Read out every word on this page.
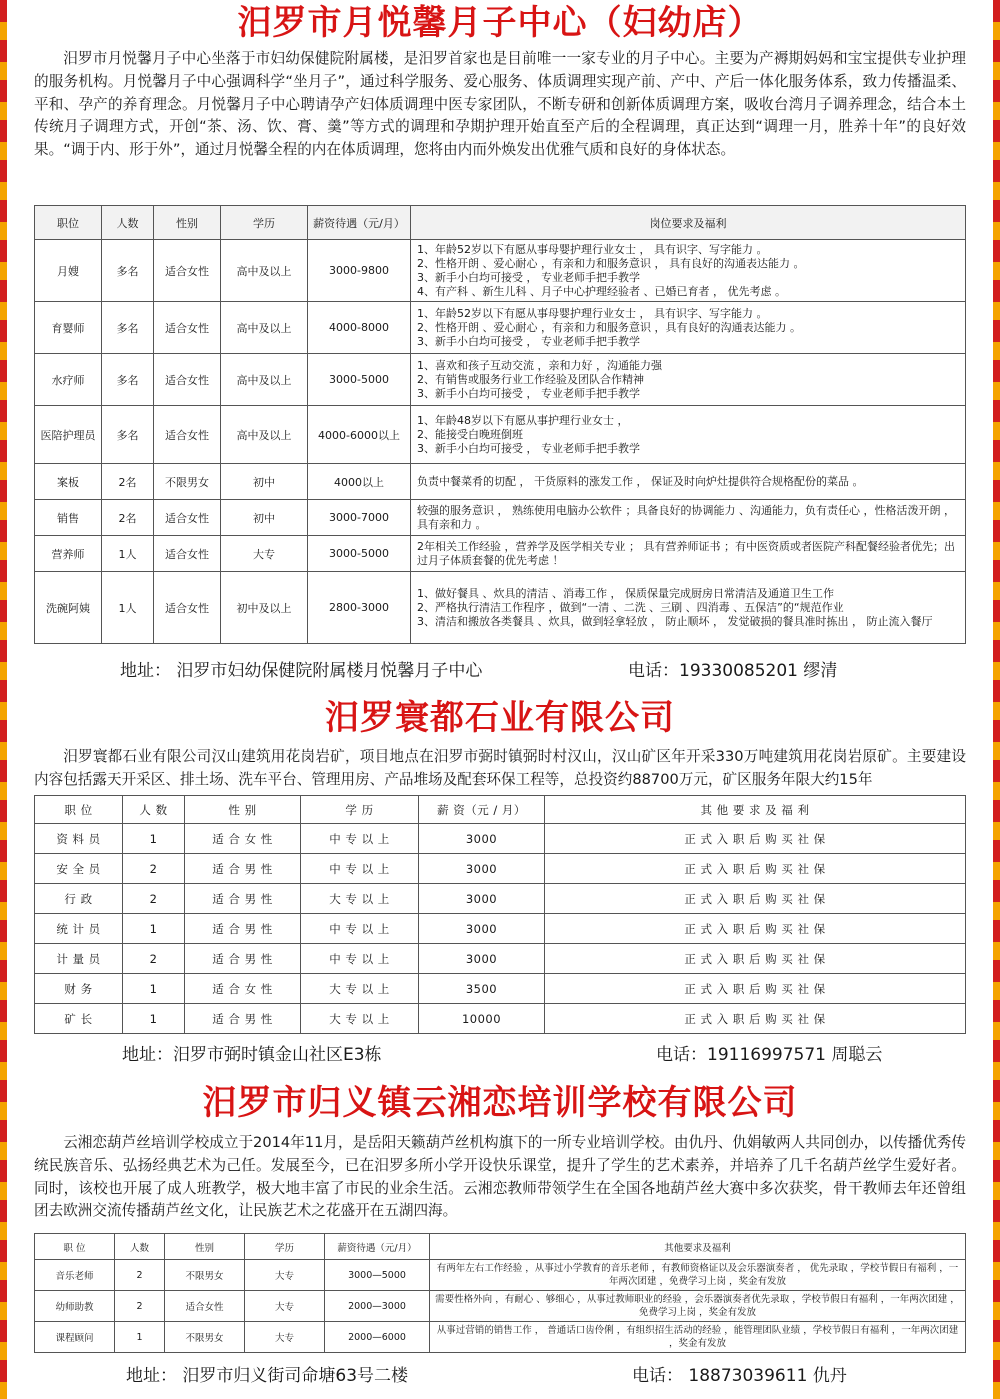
汨罗市月悦馨月子中心（妇幼店）
汨罗市月悦馨月子中心坐落于市妇幼保健院附属楼，是汨罗首家也是目前唯一一家专业的月子中心。主要为产褥期妈妈和宝宝提供专业护理的服务机构。月悦馨月子中心强调科学“坐月子”，通过科学服务、爱心服务、体质调理实现产前、产中、产后一体化服务体系，致力传播温柔、平和、孕产的养育理念。月悦馨月子中心聘请孕产妇体质调理中医专家团队，不断专研和创新体质调理方案，吸收台湾月子调养理念，结合本土传统月子调理方式，开创“茶、汤、饮、膏、羹”等方式的调理和孕期护理开始直至产后的全程调理，真正达到“调理一月，胜养十年”的良好效果。“调于内、形于外”，通过月悦馨全程的内在体质调理，您将由内而外焕发出优雅气质和良好的身体状态。
职位	人数	性别	学历	薪资待遇（元/月）	岗位要求及福利
月嫂	多名	适合女性	高中及以上	3000-9800	1、年龄52岁以下有愿从事母婴护理行业女士 ， 具有识字、写字能力 。
2、性格开朗 、爱心耐心 ，有亲和力和服务意识 ， 具有良好的沟通表达能力 。
3、新手小白均可接受 ， 专业老师手把手教学
4、有产科 、新生儿科 、月子中心护理经验者 、已婚已育者 ， 优先考虑 。

育婴师	多名	适合女性	高中及以上	4000-8000	1、年龄52岁以下有愿从事母婴护理行业女士 ， 具有识字、写字能力 。
2、性格开朗 、爱心耐心 ，有亲和力和服务意识 ，具有良好的沟通表达能力 。
3、新手小白均可接受 ， 专业老师手把手教学

水疗师	多名	适合女性	高中及以上	3000-5000	1、喜欢和孩子互动交流 ，亲和力好 ，沟通能力强
2、有销售或服务行业工作经验及团队合作精神
3、新手小白均可接受 ， 专业老师手把手教学

医陪护理员	多名	适合女性	高中及以上	4000-6000以上	1、年龄48岁以下有愿从事护理行业女士 ，
2、能接受白晚班倒班
3、新手小白均可接受 ， 专业老师手把手教学

案板	2名	不限男女	初中	4000以上	负责中餐菜肴的切配 ， 干货原料的涨发工作 ， 保证及时向炉灶提供符合规格配份的菜品 。

销售	2名	适合女性	初中	3000-7000	较强的服务意识 ， 熟练使用电脑办公软件 ；具备良好的协调能力 、沟通能力，负有责任心 ，性格活泼开朗 ，具有亲和力 。

营养师	1人	适合女性	大专	3000-5000	2年相关工作经验 ，营养学及医学相关专业 ； 具有营养师证书 ；有中医资质或者医院产科配餐经验者优先；出过月子体质套餐的优先考虑 ！

洗碗阿姨	1人	适合女性	初中及以上	2800-3000	1、做好餐具 、炊具的清洁 、消毒工作 ， 保质保量完成厨房日常清洁及通道卫生工作
2、严格执行清洁工作程序 ，做到“一清 、二洗 、三刷 、四消毒 、五保洁”的“规范作业
3、清洁和搬放各类餐具 、炊具，做到轻拿轻放 ， 防止顺坏 ， 发觉破损的餐具准时拣出 ， 防止流入餐厅
地址： 汨罗市妇幼保健院附属楼月悦馨月子中心	电话：19330085201 缪清
汨罗寰都石业有限公司
汨罗寰都石业有限公司汉山建筑用花岗岩矿，项目地点在汨罗市弼时镇弼时村汉山，汉山矿区年开采330万吨建筑用花岗岩原矿。主要建设内容包括露天开采区、排土场、洗车平台、管理用房、产品堆场及配套环保工程等，总投资约88700万元，矿区服务年限大约15年
职 位	人 数	性 别	学 历	薪 资（元 / 月）	其 他 要 求 及 福 利
资 料 员	1	适 合 女 性	中 专 以 上	3000	正 式 入 职 后 购 买 社 保
安 全 员	2	适 合 男 性	中 专 以 上	3000	正 式 入 职 后 购 买 社 保
行 政	2	适 合 男 性	大 专 以 上	3000	正 式 入 职 后 购 买 社 保
统 计 员	1	适 合 男 性	中 专 以 上	3000	正 式 入 职 后 购 买 社 保
计 量 员	2	适 合 男 性	中 专 以 上	3000	正 式 入 职 后 购 买 社 保
财 务	1	适 合 女 性	大 专 以 上	3500	正 式 入 职 后 购 买 社 保
矿 长	1	适 合 男 性	大 专 以 上	10000	正 式 入 职 后 购 买 社 保
地址：汨罗市弼时镇金山社区E3栋	电话：19116997571 周聪云
汨罗市归义镇云湘恋培训学校有限公司
云湘恋葫芦丝培训学校成立于2014年11月，是岳阳天籁葫芦丝机构旗下的一所专业培训学校。由仇丹、仇娟敏两人共同创办，以传播优秀传统民族音乐、弘扬经典艺术为己任。发展至今，已在汨罗多所小学开设快乐课堂，提升了学生的艺术素养，并培养了几千名葫芦丝学生爱好者。同时，该校也开展了成人班教学，极大地丰富了市民的业余生活。云湘恋教师带领学生在全国各地葫芦丝大赛中多次获奖，骨干教师去年还曾组团去欧洲交流传播葫芦丝文化，让民族艺术之花盛开在五湖四海。
职 位	人数	性别	学历	薪资待遇（元/月）	其他要求及福利
音乐老师	2	不限男女	大专	3000—5000	有两年左右工作经验 ，从事过小学教育的音乐老师 ，有教师资格证以及会乐器演奏者 ， 优先录取 ，学校节假日有福利 ，一年两次团建 ，免费学习上岗 ，奖金有发放
幼师助教	2	适合女性	大专	2000—3000	需要性格外向 ，有耐心 、够细心 ，从事过教师职业的经验 ，会乐器演奏者优先录取 ，学校节假日有福利 ，一年两次团建 ，免费学习上岗 ，奖金有发放
课程顾问	1	不限男女	大专	2000—6000	从事过营销的销售工作 ， 普通话口齿伶俐 ，有组织招生活动的经验 ，能管理团队业绩 ，学校节假日有福利 ，一年两次团建 ，奖金有发放
地址： 汨罗市归义街司命塘63号二楼	电话： 18873039611 仇丹
